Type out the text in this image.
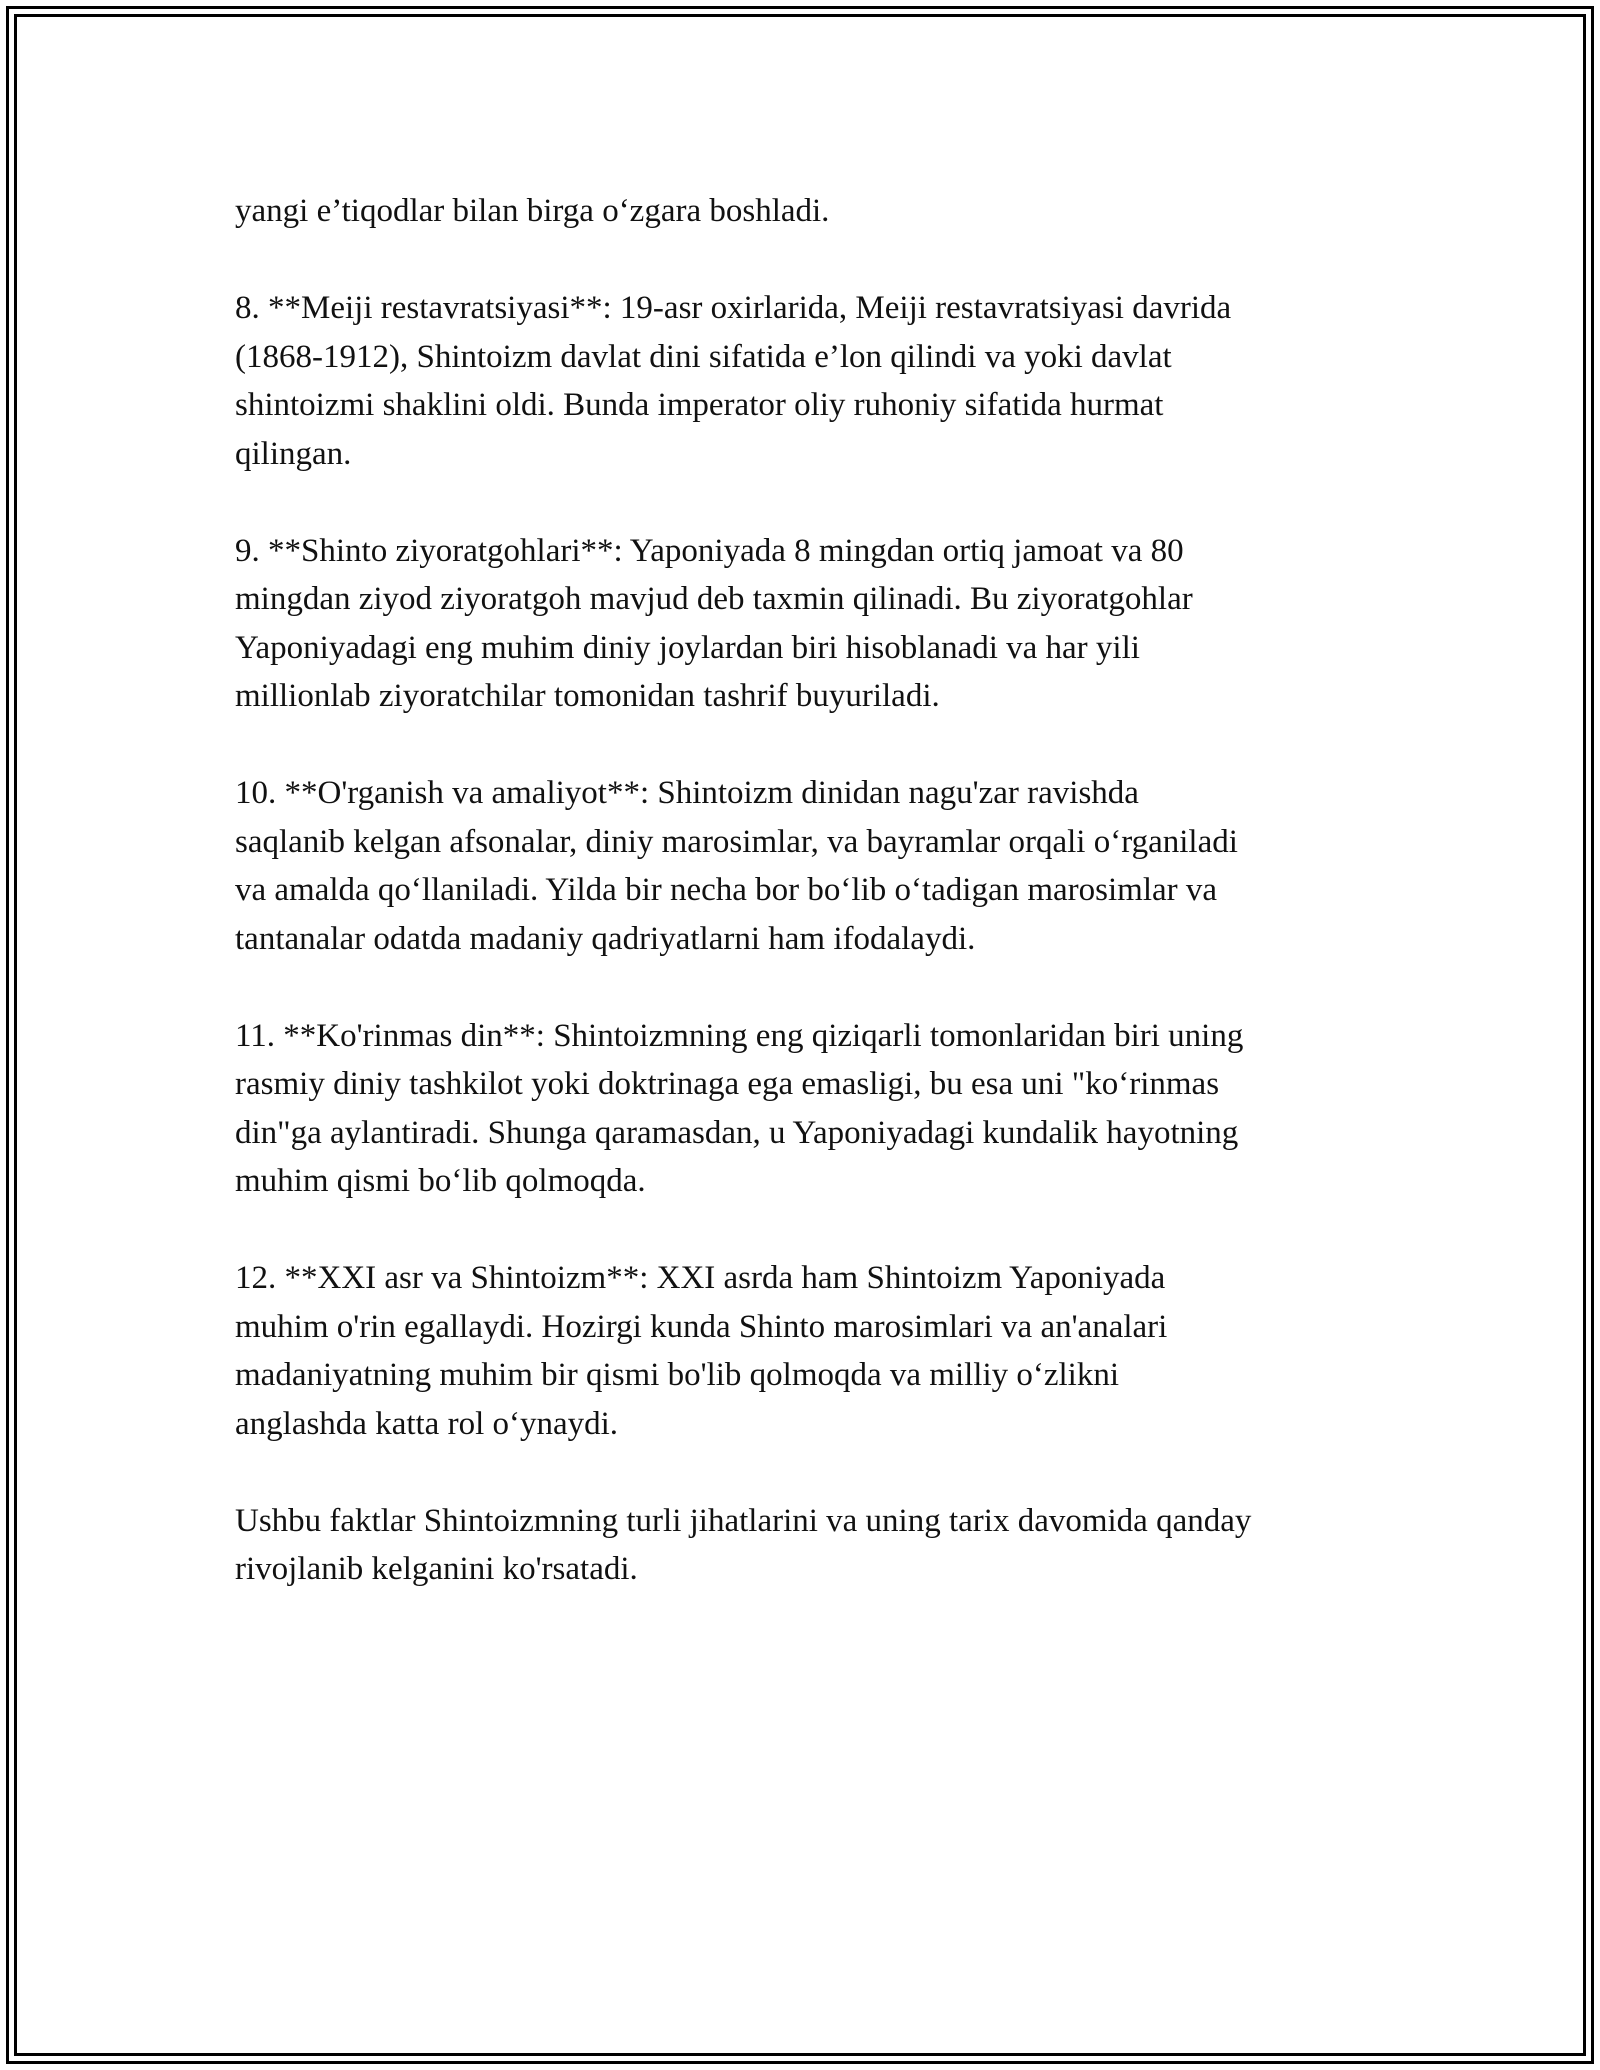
yangi e’tiqodlar bilan birga o‘zgara boshladi.

8. **Meiji restavratsiyasi**: 19-asr oxirlarida, Meiji restavratsiyasi davrida
(1868-1912), Shintoizm davlat dini sifatida e’lon qilindi va yoki davlat
shintoizmi shaklini oldi. Bunda imperator oliy ruhoniy sifatida hurmat
qilingan.

9. **Shinto ziyoratgohlari**: Yaponiyada 8 mingdan ortiq jamoat va 80
mingdan ziyod ziyoratgoh mavjud deb taxmin qilinadi. Bu ziyoratgohlar
Yaponiyadagi eng muhim diniy joylardan biri hisoblanadi va har yili
millionlab ziyoratchilar tomonidan tashrif buyuriladi.

10. **O'rganish va amaliyot**: Shintoizm dinidan nagu'zar ravishda
saqlanib kelgan afsonalar, diniy marosimlar, va bayramlar orqali o‘rganiladi
va amalda qo‘llaniladi. Yilda bir necha bor bo‘lib o‘tadigan marosimlar va
tantanalar odatda madaniy qadriyatlarni ham ifodalaydi.

11. **Ko'rinmas din**: Shintoizmning eng qiziqarli tomonlaridan biri uning
rasmiy diniy tashkilot yoki doktrinaga ega emasligi, bu esa uni "ko‘rinmas
din"ga aylantiradi. Shunga qaramasdan, u Yaponiyadagi kundalik hayotning
muhim qismi bo‘lib qolmoqda.

12. **XXI asr va Shintoizm**: XXI asrda ham Shintoizm Yaponiyada
muhim o'rin egallaydi. Hozirgi kunda Shinto marosimlari va an'analari
madaniyatning muhim bir qismi bo'lib qolmoqda va milliy o‘zlikni
anglashda katta rol o‘ynaydi.

Ushbu faktlar Shintoizmning turli jihatlarini va uning tarix davomida qanday
rivojlanib kelganini ko'rsatadi.
